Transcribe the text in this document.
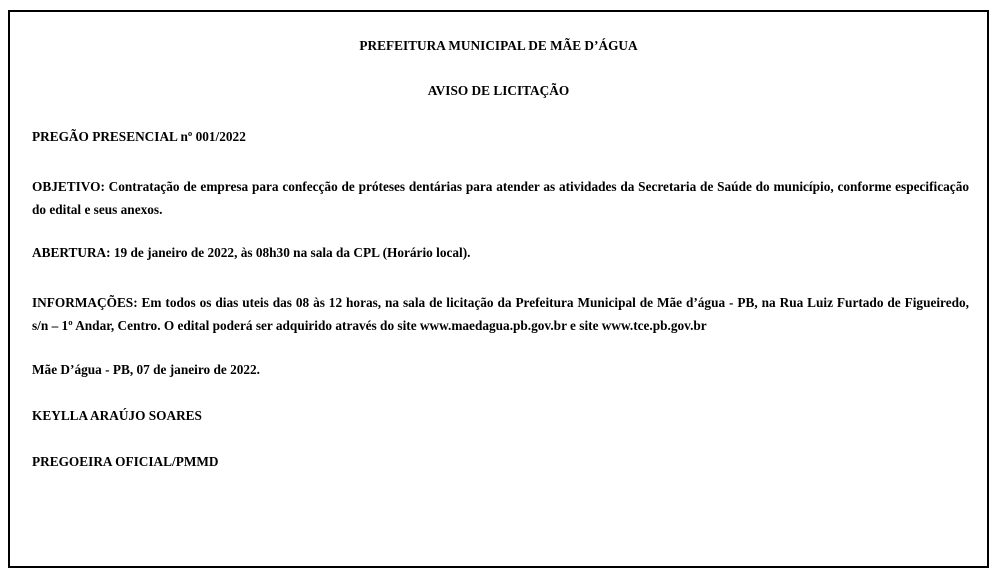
PREFEITURA MUNICIPAL DE MÃE D’ÁGUA

AVISO DE LICITAÇÃO

PREGÃO PRESENCIAL nº 001/2022

OBJETIVO: Contratação de empresa para confecção de próteses dentárias para atender as atividades da Secretaria de Saúde do município, conforme especificação do edital e seus anexos.

ABERTURA: 19 de janeiro de 2022, às 08h30 na sala da CPL (Horário local).

INFORMAÇÕES: Em todos os dias uteis das 08 às 12 horas, na sala de licitação da Prefeitura Municipal de Mãe d’água - PB, na Rua Luiz Furtado de Figueiredo, s/n – 1º Andar, Centro. O edital poderá ser adquirido através do site www.maedagua.pb.gov.br e site www.tce.pb.gov.br

Mãe D’água - PB, 07 de janeiro de 2022.

KEYLLA ARAÚJO SOARES

PREGOEIRA OFICIAL/PMMD
